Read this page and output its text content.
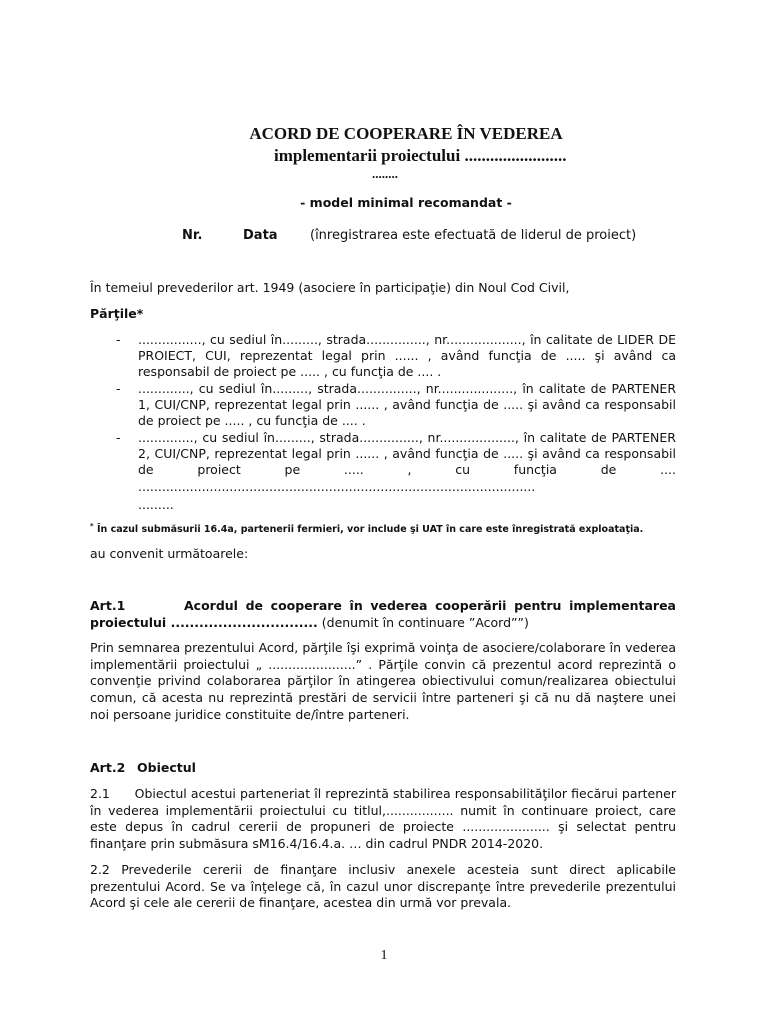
ACORD DE COOPERARE ÎN VEDEREA
implementarii proiectului ........................
........
- model minimal recomandat -
Nr.	Data (înregistrarea este efectuată de liderul de proiect)

În temeiul prevederilor art. 1949 (asociere în participaţie) din Noul Cod Civil,

Părţile*

- ................, cu sediul în........., strada..............., nr..................., în calitate de LIDER DE PROIECT, CUI, reprezentat legal prin ...... , având funcţia de ..... şi având ca responsabil de proiect pe ..... , cu funcţia de .... .
- ............., cu sediul în........., strada..............., nr..................., în calitate de PARTENER 1, CUI/CNP, reprezentat legal prin ...... , având funcţia de ..... şi având ca responsabil de proiect pe ..... , cu funcţia de .... .
- .............., cu sediul în........., strada..............., nr..................., în calitate de PARTENER 2, CUI/CNP, reprezentat legal prin ...... , având funcţia de ..... şi având ca responsabil de proiect pe ..... , cu funcţia de .... ....................................................................................................
.........
* În cazul submăsurii 16.4a, partenerii fermieri, vor include şi UAT în care este înregistrată exploataţia.

au convenit următoarele:

Art.1	Acordul de cooperare în vederea cooperării pentru implementarea proiectului ............................... (denumit în continuare ”Acord””)

Prin semnarea prezentului Acord, părţile îşi exprimă voinţa de asociere/colaborare în vederea implementării proiectului „ ......................” . Părţile convin că prezentul acord reprezintă o convenţie privind colaborarea părţilor în atingerea obiectivului comun/realizarea obiectului comun, că acesta nu reprezintă prestări de servicii între parteneri şi că nu dă naştere unei noi persoane juridice constituite de/între parteneri.

Art.2 Obiectul

2.1      Obiectul acestui parteneriat îl reprezintă stabilirea responsabilităţilor fiecărui partener în vederea implementării proiectului cu titlul,................. numit în continuare proiect, care este depus în cadrul cererii de propuneri de proiecte ...................... şi selectat pentru finanţare prin submăsura sM16.4/16.4.a. … din cadrul PNDR 2014-2020.

2.2 Prevederile cererii de finanţare inclusiv anexele acesteia sunt direct aplicabile prezentului Acord. Se va înţelege că, în cazul unor discrepanţe între prevederile prezentului Acord şi cele ale cererii de finanţare, acestea din urmă vor prevala.

1
